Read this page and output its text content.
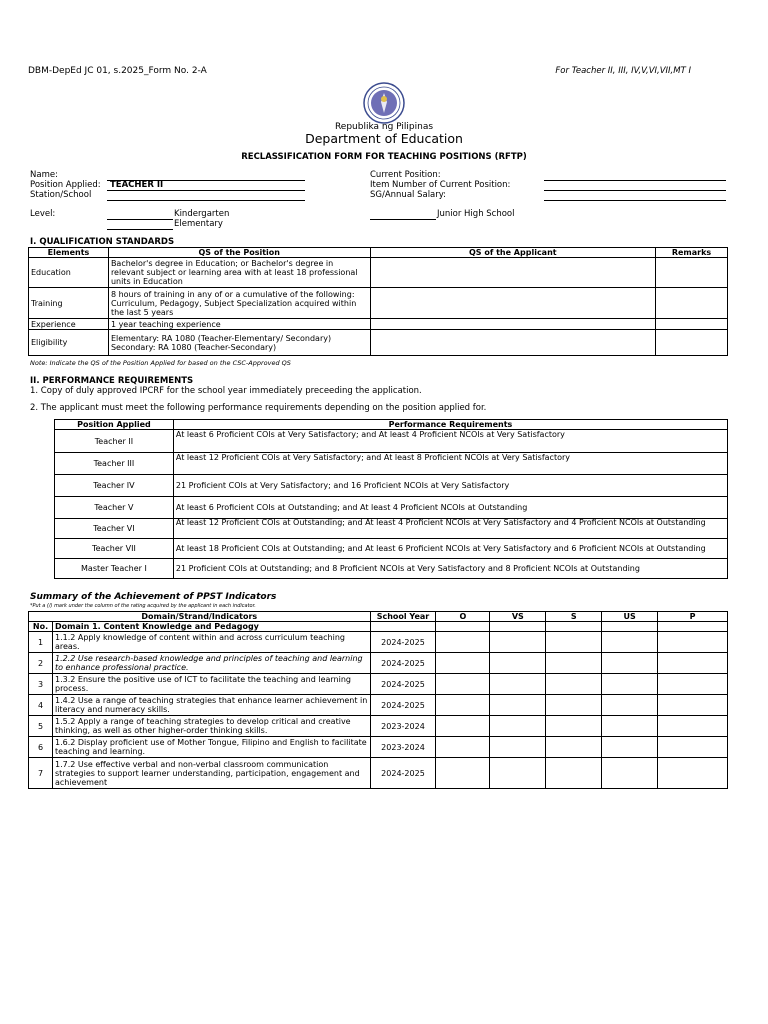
DBM-DepEd JC 01, s.2025_Form No. 2-A	For Teacher II, III, IV,V,VI,VII,MT I
Republika ng Pilipinas
Department of Education
RECLASSIFICATION FORM FOR TEACHING POSITIONS (RFTP)
Name:
Position Applied:	TEACHER II
Station/School
Current Position:
Item Number of Current Position:
SG/Annual Salary:
Level:	Kindergarten
Elementary
Junior High School
I. QUALIFICATION STANDARDS
Elements	QS of the Position	QS of the Applicant	Remarks
Education	Bachelor's degree in Education; or Bachelor's degree in relevant subject or learning area with at least 18 professional units in Education		
Training	8 hours of training in any of or a cumulative of the following: Curriculum, Pedagogy, Subject Specialization acquired within the last 5 years		
Experience	1 year teaching experience		
Eligibility	Elementary: RA 1080 (Teacher-Elementary/ Secondary)
Secondary: RA 1080 (Teacher-Secondary)		
Note: Indicate the QS of the Position Applied for based on the CSC-Approved QS
II. PERFORMANCE REQUIREMENTS
1. Copy of duly approved IPCRF for the school year immediately preceeding the application.
2. The applicant must meet the following performance requirements depending on the position applied for.
Position Applied	Performance Requirements
Teacher II	At least 6 Proficient COIs at Very Satisfactory; and At least 4 Proficient NCOIs at Very Satisfactory
Teacher III	At least 12 Proficient COIs at Very Satisfactory; and At least 8 Proficient NCOIs at Very Satisfactory
Teacher IV	21 Proficient COIs at Very Satisfactory; and 16 Proficient NCOIs at Very Satisfactory
Teacher V	At least 6 Proficient COIs at Outstanding; and At least 4 Proficient NCOIs at Outstanding
Teacher VI	At least 12 Proficient COIs at Outstanding; and At least 4 Proficient NCOIs at Very Satisfactory and 4 Proficient NCOIs at Outstanding
Teacher VII	At least 18 Proficient COIs at Outstanding; and At least 6 Proficient NCOIs at Very Satisfactory and 6 Proficient NCOIs at Outstanding
Master Teacher I	21 Proficient COIs at Outstanding; and 8 Proficient NCOIs at Very Satisfactory and 8 Proficient NCOIs at Outstanding
Summary of the Achievement of PPST Indicators
*Put a (/) mark under the column of the rating acquired by the applicant in each indicator.
Domain/Strand/Indicators		School Year	O	VS	S	US	P
No.	Domain 1. Content Knowledge and Pedagogy						
1	1.1.2 Apply knowledge of content within and across curriculum teaching areas.	2024-2025					
2	1.2.2 Use research-based knowledge and principles of teaching and learning to enhance professional practice.	2024-2025					
3	1.3.2 Ensure the positive use of ICT to facilitate the teaching and learning process.	2024-2025					
4	1.4.2 Use a range of teaching strategies that enhance learner achievement in literacy and numeracy skills.	2024-2025					
5	1.5.2 Apply a range of teaching strategies to develop critical and creative thinking, as well as other higher-order thinking skills.	2023-2024					
6	1.6.2 Display proficient use of Mother Tongue, Filipino and English to facilitate teaching and learning.	2023-2024					
7	1.7.2 Use effective verbal and non-verbal classroom communication strategies to support learner understanding, participation, engagement and achievement	2024-2025					
